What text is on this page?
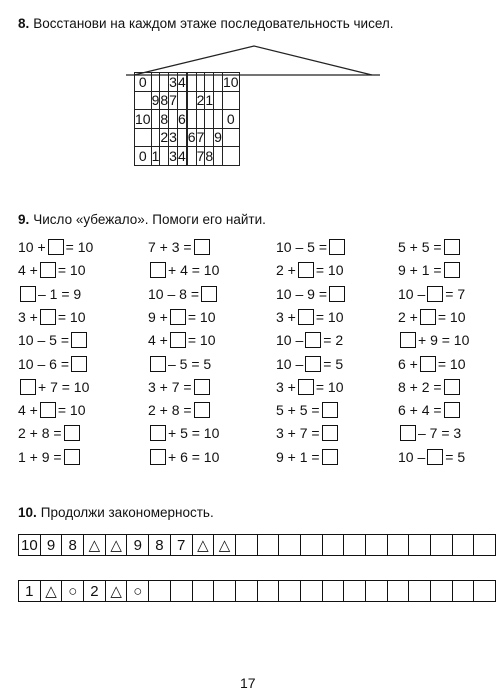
8. Восстанови на каждом этаже последовательность чисел.
0			3	4						10
	9	8	7				2	1		
10		8		6						0
		2	3			6	7		9	
0	1		3	4			7	8		
9. Число «убежало». Помоги его найти.
10 + = 10
4 + = 10
– 1 = 9
3 + = 10
10 – 5 =
10 – 6 =
+ 7 = 10
4 + = 10
2 + 8 =
1 + 9 =
7 + 3 =
+ 4 = 10
10 – 8 =
9 + = 10
4 + = 10
– 5 = 5
3 + 7 =
2 + 8 =
+ 5 = 10
+ 6 = 10
10 – 5 =
2 + = 10
10 – 9 =
3 + = 10
10 – = 2
10 – = 5
3 + = 10
5 + 5 =
3 + 7 =
9 + 1 =
5 + 5 =
9 + 1 =
10 – = 7
2 + = 10
+ 9 = 10
6 + = 10
8 + 2 =
6 + 4 =
– 7 = 3
10 – = 5
10. Продолжи закономерность.
10	9	8	△	△	9	8	7	△	△												
1	△	○	2	△	○																
17
